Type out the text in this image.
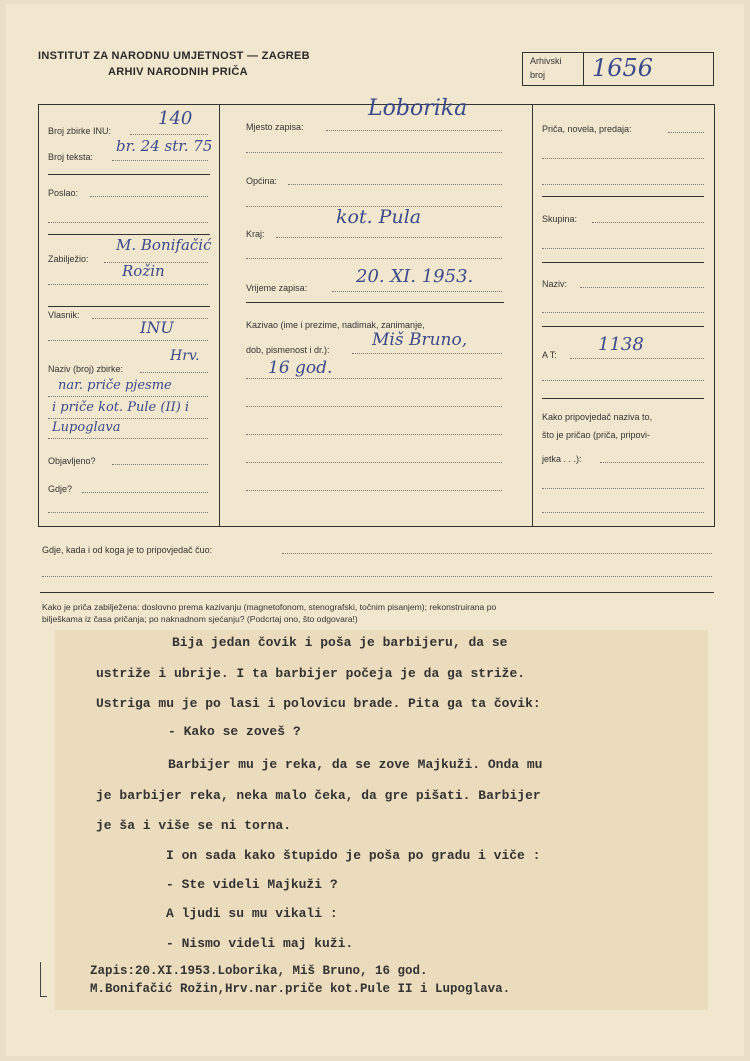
INSTITUT ZA NARODNU UMJETNOST — ZAGREB
ARHIV NARODNIH PRIČA
Arhivski
broj 1656
Broj zbirke INU:
140
Broj teksta:
br. 24 str. 75
Poslao:
Zabilježio:
M. Bonifačić
Rožin
Vlasnik:
INU
Naziv (broj) zbirke:
Hrv.
nar. priče pjesme
i priče kot. Pule (II) i
Lupoglava
Objavljeno?
Gdje?
Mjesto zapisa:
Loborika
Općina:
Kraj:
kot. Pula
Vrijeme zapisa:
20. XI. 1953.
Kazivao (ime i prezime, nadimak, zanimanje,
dob, pismenost i dr.): Miš Bruno,
16 god.
Priča, novela, predaja:
Skupina:
Naziv:
A T: 1138
Kako pripovjedač naziva to,
što je pričao (priča, pripovi-
jetka . . .):
Gdje, kada i od koga je to pripovjedač čuo:
Kako je priča zabilježena: doslovno prema kazivanju (magnetofonom, stenografski, točnim pisanjem); rekonstruirana po
bilješkama iz časa pričanja; po naknadnom sjećanju? (Podcrtaj ono, što odgovara!)
Bija jedan čovik i poša je barbijeru, da se
ustriže i ubrije. I ta barbijer počeja je da ga striže.
Ustriga mu je po lasi i polovicu brade. Pita ga ta čovik:
- Kako se zoveš ?
Barbijer mu je reka, da se zove Majkuži. Onda mu
je barbijer reka, neka malo čeka, da gre pišati. Barbijer
je ša i više se ni torna.
I on sada kako štupido je poša po gradu i viče :
- Ste videli Majkuži ?
A ljudi su mu vikali :
- Nismo videli maj kuži.
Zapis:20.XI.1953.Loborika, Miš Bruno, 16 god.
M.Bonifačić Rožin,Hrv.nar.priče kot.Pule II i Lupoglava.
